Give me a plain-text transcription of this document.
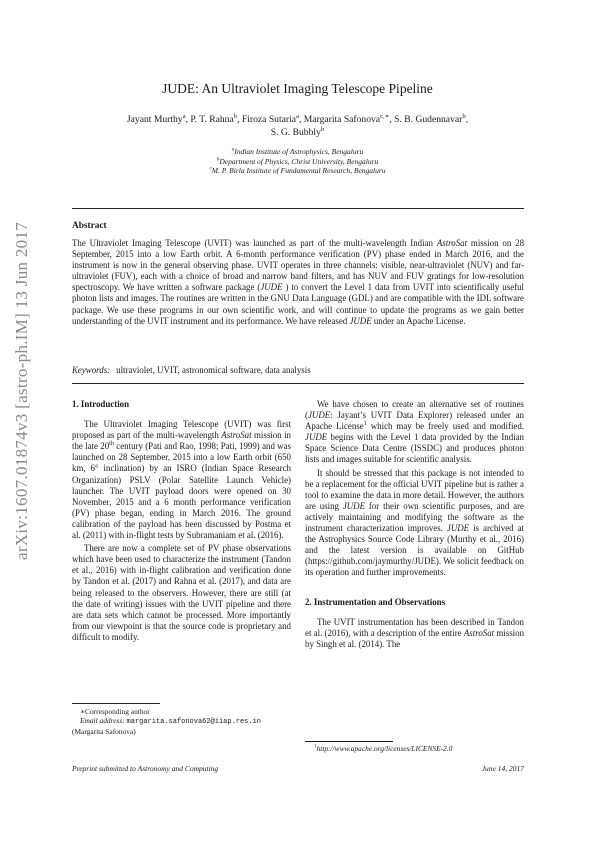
arXiv:1607.01874v3 [astro-ph.IM] 13 Jun 2017
JUDE: An Ultraviolet Imaging Telescope Pipeline
Jayant Murthy$^a$, P. T. Rahna$^b$, Firoza Sutaria$^a$, Margarita Safonova$^{c,∗}$, S. B. Gudennavar$^b$,
S. G. Bubbly$^b$
$^a$Indian Institute of Astrophysics, Bengaluru
$^b$Department of Physics, Christ University, Bengaluru
$^c$M. P. Birla Institute of Fundamental Research, Bengaluru
Abstract
The Ultraviolet Imaging Telescope (UVIT) was launched as part of the multi-wavelength Indian AstroSat mission on 28 September, 2015 into a low Earth orbit. A 6-month performance verification (PV) phase ended in March 2016, and the instrument is now in the general observing phase. UVIT operates in three channels: visible, near-ultraviolet (NUV) and far-ultraviolet (FUV), each with a choice of broad and narrow band filters, and has NUV and FUV gratings for low-resolution spectroscopy. We have written a software package (JUDE ) to convert the Level 1 data from UVIT into scientifically useful photon lists and images. The routines are written in the GNU Data Language (GDL) and are compatible with the IDL software package. We use these programs in our own scientific work, and will continue to update the programs as we gain better understanding of the UVIT instrument and its performance. We have released JUDE under an Apache License.
Keywords: ultraviolet, UVIT, astronomical software, data analysis
1. Introduction

The Ultraviolet Imaging Telescope (UVIT) was first proposed as part of the multi-wavelength AstroSat mission in the late 20th century (Pati and Rao, 1998; Pati, 1999) and was launched on 28 September, 2015 into a low Earth orbit (650 km, 6° inclination) by an ISRO (Indian Space Research Organization) PSLV (Polar Satellite Launch Vehicle) launcher. The UVIT payload doors were opened on 30 November, 2015 and a 6 month performance verification (PV) phase began, ending in March 2016. The ground calibration of the payload has been discussed by Postma et al. (2011) with in-flight tests by Subramaniam et al. (2016).

There are now a complete set of PV phase observations which have been used to characterize the instrument (Tandon et al., 2016) with in-flight calibration and verification done by Tandon et al. (2017) and Rahna et al. (2017), and data are being released to the observers. However, there are still (at the date of writing) issues with the UVIT pipeline and there are data sets which cannot be processed. More importantly from our viewpoint is that the source code is proprietary and difficult to modify.

We have chosen to create an alternative set of routines (JUDE: Jayant’s UVIT Data Explorer) released under an Apache License$^1$ which may be freely used and modified. JUDE begins with the Level 1 data provided by the Indian Space Science Data Centre (ISSDC) and produces photon lists and images suitable for scientific analysis.

It should be stressed that this package is not intended to be a replacement for the official UVIT pipeline but is rather a tool to examine the data in more detail. However, the authors are using JUDE for their own scientific purposes, and are actively maintaining and modifying the software as the instrument characterization improves. JUDE is archived at the Astrophysics Source Code Library (Murthy et al., 2016) and the latest version is available on GitHub (https://github.com/jaymurthy/JUDE). We solicit feedback on its operation and further improvements.

2. Instrumentation and Observations

The UVIT instrumentation has been described in Tandon et al. (2016), with a description of the entire AstroSat mission by Singh et al. (2014). The

∗Corresponding author
Email address: margarita.safonova62@iiap.res.in
(Margarita Safonova)
$^1$http://www.apache.org/licenses/LICENSE-2.0
Preprint submitted to Astronomy and Computing	June 14, 2017
